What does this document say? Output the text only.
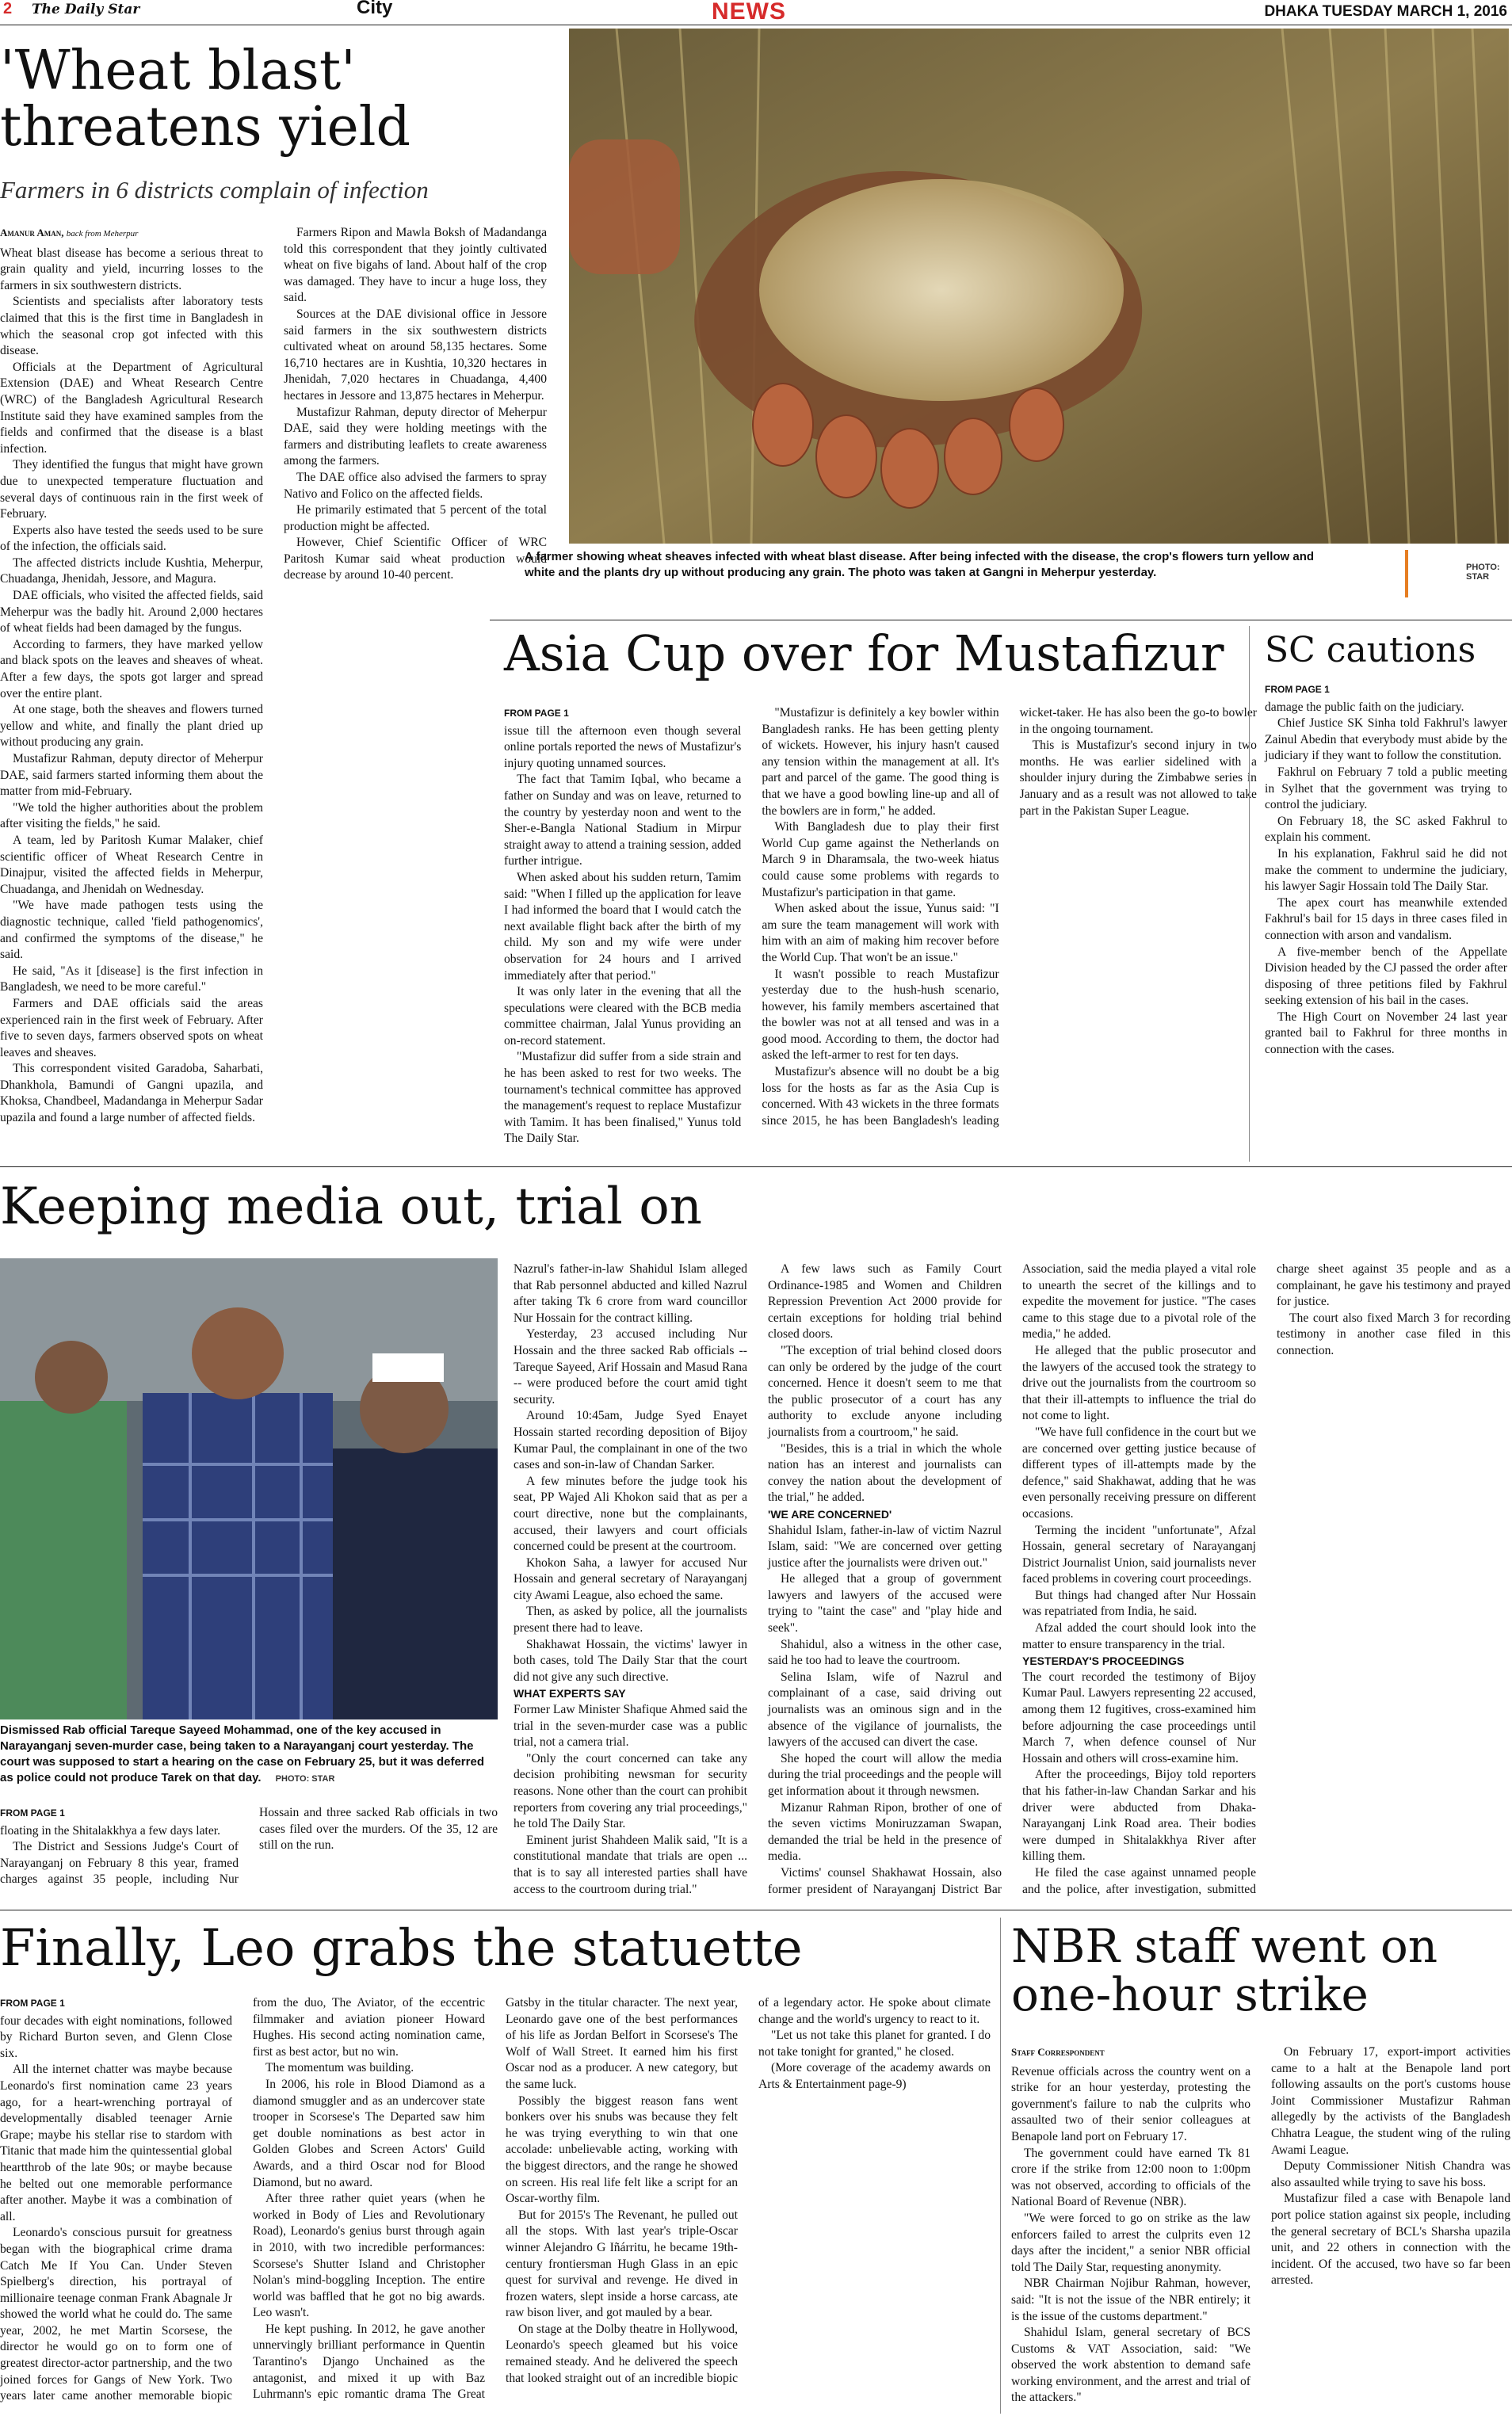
2 The Daily Star	City	NEWS	DHAKA TUESDAY MARCH 1, 2016
'Wheat blast' threatens yield
Farmers in 6 districts complain of infection

Amanur Aman, back from Meherpur

Wheat blast disease has become a serious threat to grain quality and yield, incurring losses to the farmers in six southwestern districts.

Scientists and specialists after laboratory tests claimed that this is the first time in Bangladesh in which the seasonal crop got infected with this disease.

Officials at the Department of Agricultural Extension (DAE) and Wheat Research Centre (WRC) of the Bangladesh Agricultural Research Institute said they have examined samples from the fields and confirmed that the disease is a blast infection.

They identified the fungus that might have grown due to unexpected temperature fluctuation and several days of continuous rain in the first week of February.

Experts also have tested the seeds used to be sure of the infection, the officials said.

The affected districts include Kushtia, Meherpur, Chuadanga, Jhenidah, Jessore, and Magura.

DAE officials, who visited the affected fields, said Meherpur was the badly hit. Around 2,000 hectares of wheat fields had been damaged by the fungus.

According to farmers, they have marked yellow and black spots on the leaves and sheaves of wheat. After a few days, the spots got larger and spread over the entire plant.

At one stage, both the sheaves and flowers turned yellow and white, and finally the plant dried up without producing any grain.

Mustafizur Rahman, deputy director of Meherpur DAE, said farmers started informing them about the matter from mid-February.

"We told the higher authorities about the problem after visiting the fields," he said.

A team, led by Paritosh Kumar Malaker, chief scientific officer of Wheat Research Centre in Dinajpur, visited the affected fields in Meherpur, Chuadanga, and Jhenidah on Wednesday.

"We have made pathogen tests using the diagnostic technique, called 'field pathogenomics', and confirmed the symptoms of the disease," he said.

He said, "As it [disease] is the first infection in Bangladesh, we need to be more careful."

Farmers and DAE officials said the areas experienced rain in the first week of February. After five to seven days, farmers observed spots on wheat leaves and sheaves.

This correspondent visited Garadoba, Saharbati, Dhankhola, Bamundi of Gangni upazila, and Khoksa, Chandbeel, Madandanga in Meherpur Sadar upazila and found a large number of affected fields.

Farmers Ripon and Mawla Boksh of Madandanga told this correspondent that they jointly cultivated wheat on five bigahs of land. About half of the crop was damaged. They have to incur a huge loss, they said.

Sources at the DAE divisional office in Jessore said farmers in the six southwestern districts cultivated wheat on around 58,135 hectares. Some 16,710 hectares are in Kushtia, 10,320 hectares in Jhenidah, 7,020 hectares in Chuadanga, 4,400 hectares in Jessore and 13,875 hectares in Meherpur.

Mustafizur Rahman, deputy director of Meherpur DAE, said they were holding meetings with the farmers and distributing leaflets to create awareness among the farmers.

The DAE office also advised the farmers to spray Nativo and Folico on the affected fields.

He primarily estimated that 5 percent of the total production might be affected.

However, Chief Scientific Officer of WRC Paritosh Kumar said wheat production would decrease by around 10-40 percent.

A farmer showing wheat sheaves infected with wheat blast disease. After being infected with the disease, the crop's flowers turn yellow and white and the plants dry up without producing any grain. The photo was taken at Gangni in Meherpur yesterday.	PHOTO: STAR
Asia Cup over for Mustafizur

FROM PAGE 1

issue till the afternoon even though several online portals reported the news of Mustafizur's injury quoting unnamed sources.

The fact that Tamim Iqbal, who became a father on Sunday and was on leave, returned to the country by yesterday noon and went to the Sher-e-Bangla National Stadium in Mirpur straight away to attend a training session, added further intrigue.

When asked about his sudden return, Tamim said: "When I filled up the application for leave I had informed the board that I would catch the next available flight back after the birth of my child. My son and my wife were under observation for 24 hours and I arrived immediately after that period."

It was only later in the evening that all the speculations were cleared with the BCB media committee chairman, Jalal Yunus providing an on-record statement.

"Mustafizur did suffer from a side strain and he has been asked to rest for two weeks. The tournament's technical committee has approved the management's request to replace Mustafizur with Tamim. It has been finalised," Yunus told The Daily Star.

"Mustafizur is definitely a key bowler within Bangladesh ranks. He has been getting plenty of wickets. However, his injury hasn't caused any tension within the management at all. It's part and parcel of the game. The good thing is that we have a good bowling line-up and all of the bowlers are in form," he added.

With Bangladesh due to play their first World Cup game against the Netherlands on March 9 in Dharamsala, the two-week hiatus could cause some problems with regards to Mustafizur's participation in that game.

When asked about the issue, Yunus said: "I am sure the team management will work with him with an aim of making him recover before the World Cup. That won't be an issue."

It wasn't possible to reach Mustafizur yesterday due to the hush-hush scenario, however, his family members ascertained that the bowler was not at all tensed and was in a good mood. According to them, the doctor had asked the left-armer to rest for ten days.

Mustafizur's absence will no doubt be a big loss for the hosts as far as the Asia Cup is concerned. With 43 wickets in the three formats since 2015, he has been Bangladesh's leading wicket-taker. He has also been the go-to bowler in the ongoing tournament.

This is Mustafizur's second injury in two months. He was earlier sidelined with a shoulder injury during the Zimbabwe series in January and as a result was not allowed to take part in the Pakistan Super League.

SC cautions

FROM PAGE 1

damage the public faith on the judiciary.

Chief Justice SK Sinha told Fakhrul's lawyer Zainul Abedin that everybody must abide by the judiciary if they want to follow the constitution.

Fakhrul on February 7 told a public meeting in Sylhet that the government was trying to control the judiciary.

On February 18, the SC asked Fakhrul to explain his comment.

In his explanation, Fakhrul said he did not make the comment to undermine the judiciary, his lawyer Sagir Hossain told The Daily Star.

The apex court has meanwhile extended Fakhrul's bail for 15 days in three cases filed in connection with arson and vandalism.

A five-member bench of the Appellate Division headed by the CJ passed the order after disposing of three petitions filed by Fakhrul seeking extension of his bail in the cases.

The High Court on November 24 last year granted bail to Fakhrul for three months in connection with the cases.

Keeping media out, trial on
Dismissed Rab official Tareque Sayeed Mohammad, one of the key accused in Narayanganj seven-murder case, being taken to a Narayanganj court yesterday. The court was supposed to start a hearing on the case on February 25, but it was deferred as police could not produce Tarek on that day. PHOTO: STAR

FROM PAGE 1

floating in the Shitalakkhya a few days later.

The District and Sessions Judge's Court of Narayanganj on February 8 this year, framed charges against 35 people, including Nur Hossain and three sacked Rab officials in two cases filed over the murders. Of the 35, 12 are still on the run.

Nazrul's father-in-law Shahidul Islam alleged that Rab personnel abducted and killed Nazrul after taking Tk 6 crore from ward councillor Nur Hossain for the contract killing.

Yesterday, 23 accused including Nur Hossain and the three sacked Rab officials -- Tareque Sayeed, Arif Hossain and Masud Rana -- were produced before the court amid tight security.

Around 10:45am, Judge Syed Enayet Hossain started recording deposition of Bijoy Kumar Paul, the complainant in one of the two cases and son-in-law of Chandan Sarker.

A few minutes before the judge took his seat, PP Wajed Ali Khokon said that as per a court directive, none but the complainants, accused, their lawyers and court officials concerned could be present at the courtroom.

Khokon Saha, a lawyer for accused Nur Hossain and general secretary of Narayanganj city Awami League, also echoed the same.

Then, as asked by police, all the journalists present there had to leave.

Shakhawat Hossain, the victims' lawyer in both cases, told The Daily Star that the court did not give any such directive.

WHAT EXPERTS SAY

Former Law Minister Shafique Ahmed said the trial in the seven-murder case was a public trial, not a camera trial.

"Only the court concerned can take any decision prohibiting newsman for security reasons. None other than the court can prohibit reporters from covering any trial proceedings," he told The Daily Star.

Eminent jurist Shahdeen Malik said, "It is a constitutional mandate that trials are open ... that is to say all interested parties shall have access to the courtroom during trial."

A few laws such as Family Court Ordinance-1985 and Women and Children Repression Prevention Act 2000 provide for certain exceptions for holding trial behind closed doors.

"The exception of trial behind closed doors can only be ordered by the judge of the court concerned. Hence it doesn't seem to me that the public prosecutor of a court has any authority to exclude anyone including journalists from a courtroom," he said.

"Besides, this is a trial in which the whole nation has an interest and journalists can convey the nation about the development of the trial," he added.

'WE ARE CONCERNED'

Shahidul Islam, father-in-law of victim Nazrul Islam, said: "We are concerned over getting justice after the journalists were driven out."

He alleged that a group of government lawyers and lawyers of the accused were trying to "taint the case" and "play hide and seek".

Shahidul, also a witness in the other case, said he too had to leave the courtroom.

Selina Islam, wife of Nazrul and complainant of a case, said driving out journalists was an ominous sign and in the absence of the vigilance of journalists, the lawyers of the accused can divert the case.

She hoped the court will allow the media during the trial proceedings and the people will get information about it through newsmen.

Mizanur Rahman Ripon, brother of one of the seven victims Moniruzzaman Swapan, demanded the trial be held in the presence of media.

Victims' counsel Shakhawat Hossain, also former president of Narayanganj District Bar Association, said the media played a vital role to unearth the secret of the killings and to expedite the movement for justice. "The cases came to this stage due to a pivotal role of the media," he added.

He alleged that the public prosecutor and the lawyers of the accused took the strategy to drive out the journalists from the courtroom so that their ill-attempts to influence the trial do not come to light.

"We have full confidence in the court but we are concerned over getting justice because of different types of ill-attempts made by the defence," said Shakhawat, adding that he was even personally receiving pressure on different occasions.

Terming the incident "unfortunate", Afzal Hossain, general secretary of Narayanganj District Journalist Union, said journalists never faced problems in covering court proceedings.

But things had changed after Nur Hossain was repatriated from India, he said.

Afzal added the court should look into the matter to ensure transparency in the trial.

YESTERDAY'S PROCEEDINGS

The court recorded the testimony of Bijoy Kumar Paul. Lawyers representing 22 accused, among them 12 fugitives, cross-examined him before adjourning the case proceedings until March 7, when defence counsel of Nur Hossain and others will cross-examine him.

After the proceedings, Bijoy told reporters that his father-in-law Chandan Sarkar and his driver were abducted from Dhaka-Narayanganj Link Road area. Their bodies were dumped in Shitalakkhya River after killing them.

He filed the case against unnamed people and the police, after investigation, submitted charge sheet against 35 people and as a complainant, he gave his testimony and prayed for justice.

The court also fixed March 3 for recording testimony in another case filed in this connection.

Finally, Leo grabs the statuette

FROM PAGE 1

four decades with eight nominations, followed by Richard Burton seven, and Glenn Close six.

All the internet chatter was maybe because Leonardo's first nomination came 23 years ago, for a heart-wrenching portrayal of developmentally disabled teenager Arnie Grape; maybe his stellar rise to stardom with Titanic that made him the quintessential global heartthrob of the late 90s; or maybe because he belted out one memorable performance after another. Maybe it was a combination of all.

Leonardo's conscious pursuit for greatness began with the biographical crime drama Catch Me If You Can. Under Steven Spielberg's direction, his portrayal of millionaire teenage conman Frank Abagnale Jr showed the world what he could do. The same year, 2002, he met Martin Scorsese, the director he would go on to form one of greatest director-actor partnership, and the two joined forces for Gangs of New York. Two years later came another memorable biopic from the duo, The Aviator, of the eccentric filmmaker and aviation pioneer Howard Hughes. His second acting nomination came, first as best actor, but no win.

The momentum was building.

In 2006, his role in Blood Diamond as a diamond smuggler and as an undercover state trooper in Scorsese's The Departed saw him get double nominations as best actor in Golden Globes and Screen Actors' Guild Awards, and a third Oscar nod for Blood Diamond, but no award.

After three rather quiet years (when he worked in Body of Lies and Revolutionary Road), Leonardo's genius burst through again in 2010, with two incredible performances: Scorsese's Shutter Island and Christopher Nolan's mind-boggling Inception. The entire world was baffled that he got no big awards. Leo wasn't.

He kept pushing. In 2012, he gave another unnervingly brilliant performance in Quentin Tarantino's Django Unchained as the antagonist, and mixed it up with Baz Luhrmann's epic romantic drama The Great Gatsby in the titular character. The next year, Leonardo gave one of the best performances of his life as Jordan Belfort in Scorsese's The Wolf of Wall Street. It earned him his first Oscar nod as a producer. A new category, but the same luck.

Possibly the biggest reason fans went bonkers over his snubs was because they felt he was trying everything to win that one accolade: unbelievable acting, working with the biggest directors, and the range he showed on screen. His real life felt like a script for an Oscar-worthy film.

But for 2015's The Revenant, he pulled out all the stops. With last year's triple-Oscar winner Alejandro G Iñárritu, he became 19th-century frontiersman Hugh Glass in an epic quest for survival and revenge. He dived in frozen waters, slept inside a horse carcass, ate raw bison liver, and got mauled by a bear.

On stage at the Dolby theatre in Hollywood, Leonardo's speech gleamed but his voice remained steady. And he delivered the speech that looked straight out of an incredible biopic of a legendary actor. He spoke about climate change and the world's urgency to react to it.

"Let us not take this planet for granted. I do not take tonight for granted," he closed.

(More coverage of the academy awards on Arts & Entertainment page-9)

NBR staff went on one-hour strike

Staff Correspondent

Revenue officials across the country went on a strike for an hour yesterday, protesting the government's failure to nab the culprits who assaulted two of their senior colleagues at Benapole land port on February 17.

The government could have earned Tk 81 crore if the strike from 12:00 noon to 1:00pm was not observed, according to officials of the National Board of Revenue (NBR).

"We were forced to go on strike as the law enforcers failed to arrest the culprits even 12 days after the incident," a senior NBR official told The Daily Star, requesting anonymity.

NBR Chairman Nojibur Rahman, however, said: "It is not the issue of the NBR entirely; it is the issue of the customs department."

Shahidul Islam, general secretary of BCS Customs & VAT Association, said: "We observed the work abstention to demand safe working environment, and the arrest and trial of the attackers."

On February 17, export-import activities came to a halt at the Benapole land port following assaults on the port's customs house Joint Commissioner Mustafizur Rahman allegedly by the activists of the Bangladesh Chhatra League, the student wing of the ruling Awami League.

Deputy Commissioner Nitish Chandra was also assaulted while trying to save his boss.

Mustafizur filed a case with Benapole land port police station against six people, including the general secretary of BCL's Sharsha upazila unit, and 22 others in connection with the incident. Of the accused, two have so far been arrested.
